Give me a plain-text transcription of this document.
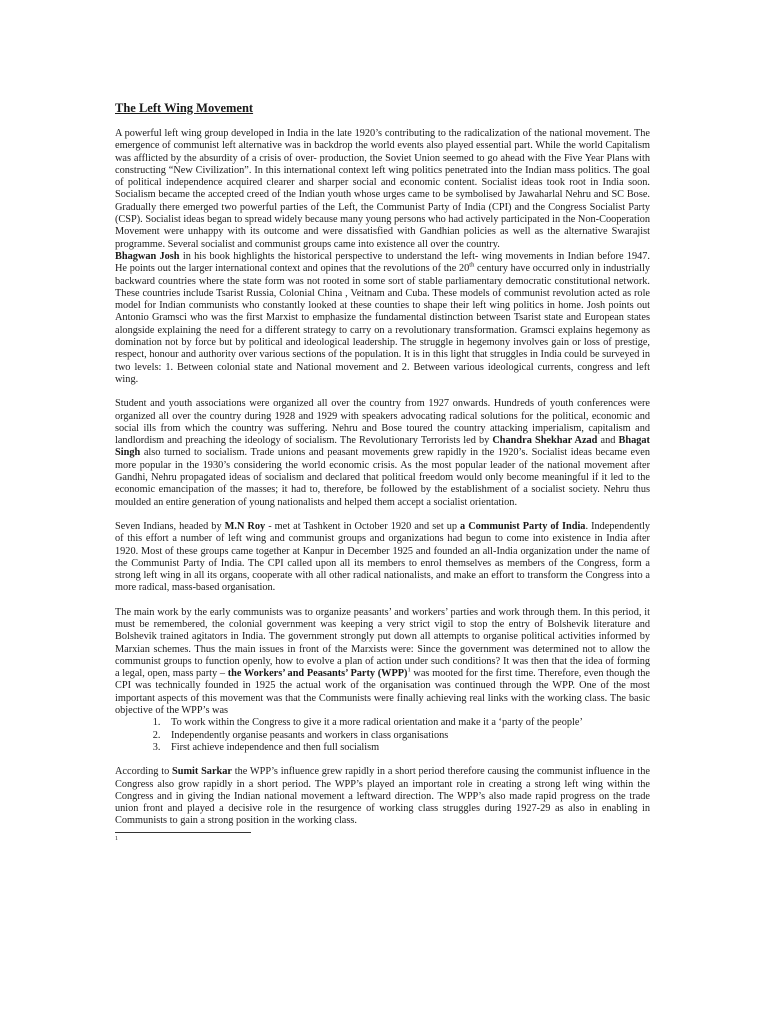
The Left Wing Movement

A powerful left wing group developed in India in the late 1920’s contributing to the radicalization of the national movement. The emergence of communist left alternative was in backdrop the world events also played essential part. While the world Capitalism was afflicted by the absurdity of a crisis of over- production, the Soviet Union seemed to go ahead with the Five Year Plans with constructing “New Civilization”. In this international context left wing politics penetrated into the Indian mass politics. The goal of political independence acquired clearer and sharper social and economic content. Socialist ideas took root in India soon. Socialism became the accepted creed of the Indian youth whose urges came to be symbolised by Jawaharlal Nehru and SC Bose. Gradually there emerged two powerful parties of the Left, the Communist Party of India (CPI) and the Congress Socialist Party (CSP). Socialist ideas began to spread widely because many young persons who had actively participated in the Non-Cooperation Movement were unhappy with its outcome and were dissatisfied with Gandhian policies as well as the alternative Swarajist programme. Several socialist and communist groups came into existence all over the country.

Bhagwan Josh in his book highlights the historical perspective to understand the left- wing movements in Indian before 1947. He points out the larger international context and opines that the revolutions of the 20th century have occurred only in industrially backward countries where the state form was not rooted in some sort of stable parliamentary democratic constitutional network. These countries include Tsarist Russia, Colonial China , Veitnam and Cuba. These models of communist revolution acted as role model for Indian communists who constantly looked at these counties to shape their left wing politics in home. Josh points out Antonio Gramsci who was the first Marxist to emphasize the fundamental distinction between Tsarist state and European states alongside explaining the need for a different strategy to carry on a revolutionary transformation. Gramsci explains hegemony as domination not by force but by political and ideological leadership. The struggle in hegemony involves gain or loss of prestige, respect, honour and authority over various sections of the population. It is in this light that struggles in India could be surveyed in two levels: 1. Between colonial state and National movement and 2. Between various ideological currents, congress and left wing.

Student and youth associations were organized all over the country from 1927 onwards. Hundreds of youth conferences were organized all over the country during 1928 and 1929 with speakers advocating radical solutions for the political, economic and social ills from which the country was suffering. Nehru and Bose toured the country attacking imperialism, capitalism and landlordism and preaching the ideology of socialism. The Revolutionary Terrorists led by Chandra Shekhar Azad and Bhagat Singh also turned to socialism. Trade unions and peasant movements grew rapidly in the 1920’s. Socialist ideas became even more popular in the 1930’s considering the world economic crisis. As the most popular leader of the national movement after Gandhi, Nehru propagated ideas of socialism and declared that political freedom would only become meaningful if it led to the economic emancipation of the masses; it had to, therefore, be followed by the establishment of a socialist society. Nehru thus moulded an entire generation of young nationalists and helped them accept a socialist orientation.

Seven Indians, headed by M.N Roy - met at Tashkent in October 1920 and set up a Communist Party of India. Independently of this effort a number of left wing and communist groups and organizations had begun to come into existence in India after 1920. Most of these groups came together at Kanpur in December 1925 and founded an all-India organization under the name of the Communist Party of India. The CPI called upon all its members to enrol themselves as members of the Congress, form a strong left wing in all its organs, cooperate with all other radical nationalists, and make an effort to transform the Congress into a more radical, mass-based organisation.

The main work by the early communists was to organize peasants’ and workers’ parties and work through them. In this period, it must be remembered, the colonial government was keeping a very strict vigil to stop the entry of Bolshevik literature and Bolshevik trained agitators in India. The government strongly put down all attempts to organise political activities informed by Marxian schemes. Thus the main issues in front of the Marxists were: Since the government was determined not to allow the communist groups to function openly, how to evolve a plan of action under such conditions? It was then that the idea of forming a legal, open, mass party – the Workers’ and Peasants’ Party (WPP)$^1$ was mooted for the first time. Therefore, even though the CPI was technically founded in 1925 the actual work of the organisation was continued through the WPP. One of the most important aspects of this movement was that the Communists were finally achieving real links with the working class. The basic objective of the WPP’s was

1. To work within the Congress to give it a more radical orientation and make it a ‘party of the people’
2. Independently organise peasants and workers in class organisations
3. First achieve independence and then full socialism

According to Sumit Sarkar the WPP’s influence grew rapidly in a short period therefore causing the communist influence in the Congress also grow rapidly in a short period. The WPP’s played an important role in creating a strong left wing within the Congress and in giving the Indian national movement a leftward direction. The WPP’s also made rapid progress on the trade union front and played a decisive role in the resurgence of working class struggles during 1927-29 as also in enabling in Communists to gain a strong position in the working class.

1
